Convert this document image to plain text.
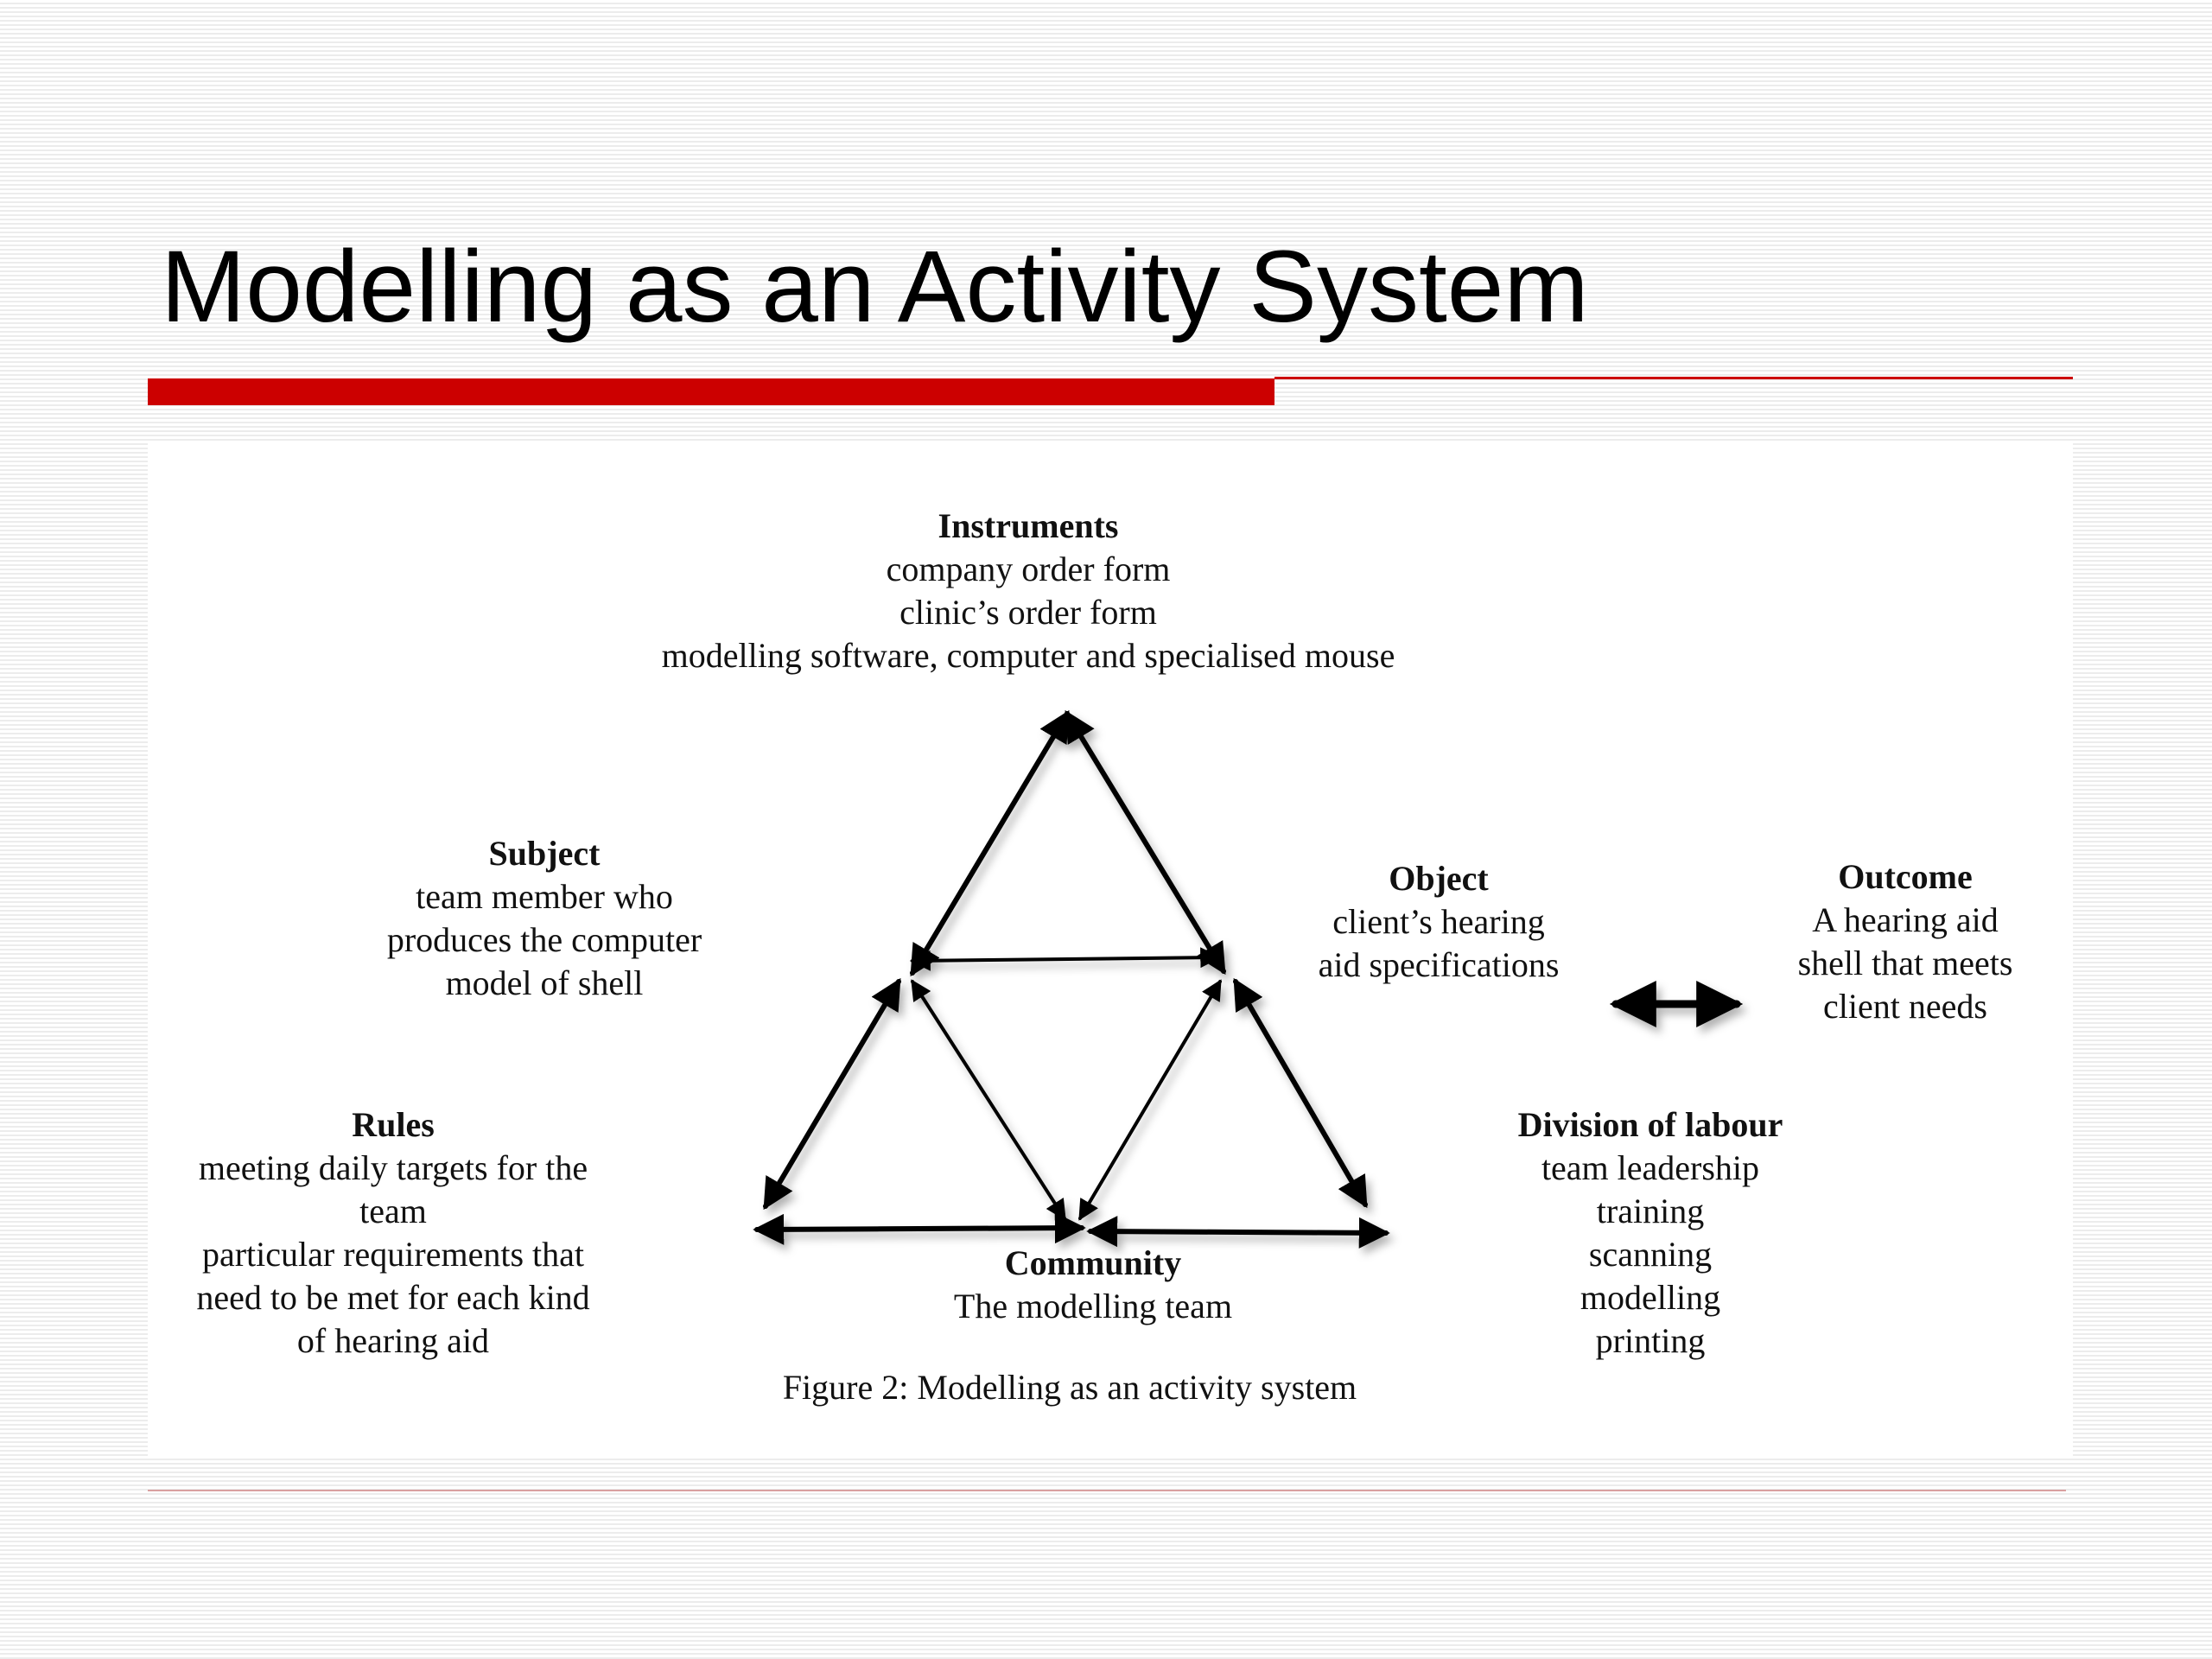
Modelling as an Activity System
Instruments
company order form
clinic’s order form
modelling software, computer and specialised mouse
Subject
team member who
produces the computer
model of shell
Object
client’s hearing
aid specifications
Outcome
A hearing aid
shell that meets
client needs
Rules
meeting daily targets for the
team
particular requirements that
need to be met for each kind
of hearing aid
Community
The modelling team
Division of labour
team leadership
training
scanning
modelling
printing
Figure 2: Modelling as an activity system
